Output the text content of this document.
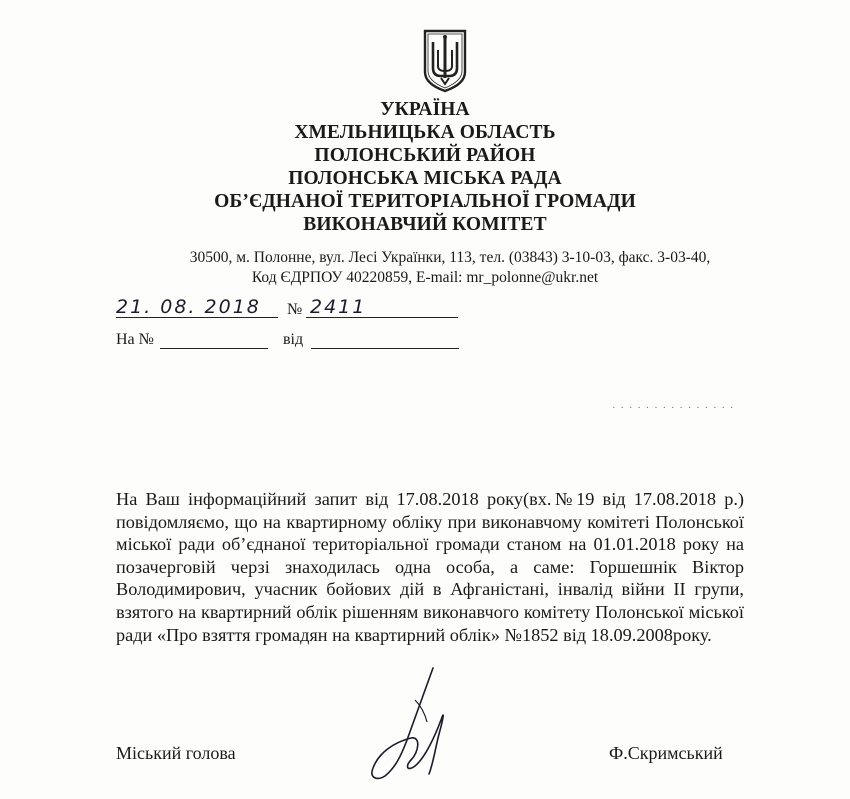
УКРАЇНА
ХМЕЛЬНИЦЬКА ОБЛАСТЬ
ПОЛОНСЬКИЙ РАЙОН
ПОЛОНСЬКА МІСЬКА РАДА
ОБ’ЄДНАНОЇ ТЕРИТОРІАЛЬНОЇ ГРОМАДИ
ВИКОНАВЧИЙ КОМІТЕТ
30500, м. Полонне, вул. Лесі Українки, 113, тел. (03843) 3-10-03, факс. 3-03-40,
Код ЄДРПОУ 40220859, E-mail: mr_polonne@ukr.net
21. 08. 2018 № 2411
На №	від
· · · · · · · · · · · · · · ·

На Ваш інформаційний запит від 17.08.2018 року(вх.№19 від 17.08.2018 р.) повідомляємо, що на квартирному обліку при виконавчому комітеті Полонської міської ради об’єднаної територіальної громади станом на 01.01.2018 року на позачерговій черзі знаходилась одна особа, а саме: Горшешнік Віктор Володимирович, учасник бойових дій в Афганістані, інвалід війни ІІ групи, взятого на квартирний облік рішенням виконавчого комітету Полонської міської ради «Про взяття громадян на квартирний облік» №1852 від 18.09.2008року.

Міський голова	Ф.Скримський
